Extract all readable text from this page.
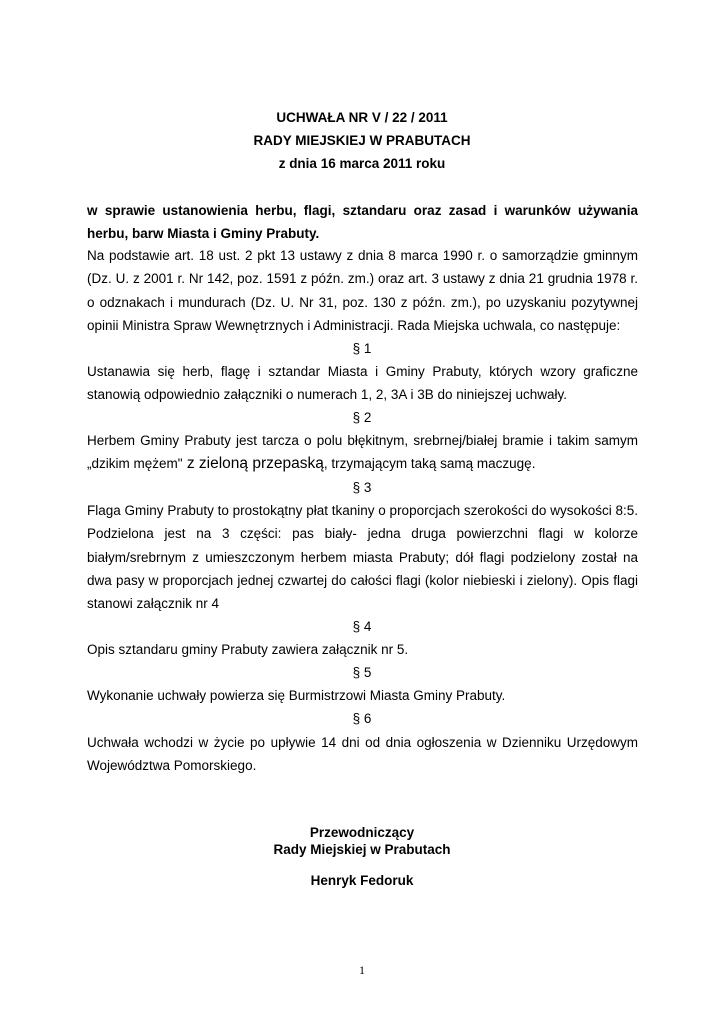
UCHWAŁA NR V / 22 / 2011
RADY MIEJSKIEJ W PRABUTACH
z dnia 16 marca 2011 roku
w sprawie ustanowienia herbu, flagi, sztandaru oraz zasad i warunków używania
herbu, barw Miasta i Gminy Prabuty.
Na podstawie art. 18 ust. 2 pkt 13 ustawy z dnia 8 marca 1990 r. o samorządzie gminnym
(Dz. U. z 2001 r. Nr 142, poz. 1591 z późn. zm.) oraz art. 3 ustawy z dnia 21 grudnia 1978 r.
o odznakach i mundurach (Dz. U. Nr 31, poz. 130 z późn. zm.), po uzyskaniu pozytywnej
opinii Ministra Spraw Wewnętrznych i Administracji. Rada Miejska uchwala, co następuje:
§ 1
Ustanawia się herb, flagę i sztandar Miasta i Gminy Prabuty, których wzory graficzne
stanowią odpowiednio załączniki o numerach 1, 2, 3A i 3B do niniejszej uchwały.
§ 2
Herbem Gminy Prabuty jest tarcza o polu błękitnym, srebrnej/białej bramie i takim samym
„dzikim mężem" z zieloną przepaską, trzymającym taką samą maczugę.
§ 3
Flaga Gminy Prabuty to prostokątny płat tkaniny o proporcjach szerokości do wysokości 8:5.
Podzielona jest na 3 części: pas biały- jedna druga powierzchni flagi w kolorze
białym/srebrnym z umieszczonym herbem miasta Prabuty; dół flagi podzielony został na
dwa pasy w proporcjach jednej czwartej do całości flagi (kolor niebieski i zielony). Opis flagi
stanowi załącznik nr 4
§ 4
Opis sztandaru gminy Prabuty zawiera załącznik nr 5.
§ 5
Wykonanie uchwały powierza się Burmistrzowi Miasta Gminy Prabuty.
§ 6
Uchwała wchodzi w życie po upływie 14 dni od dnia ogłoszenia w Dzienniku Urzędowym
Województwa Pomorskiego.
Przewodniczący
Rady Miejskiej w Prabutach
Henryk Fedoruk
1
